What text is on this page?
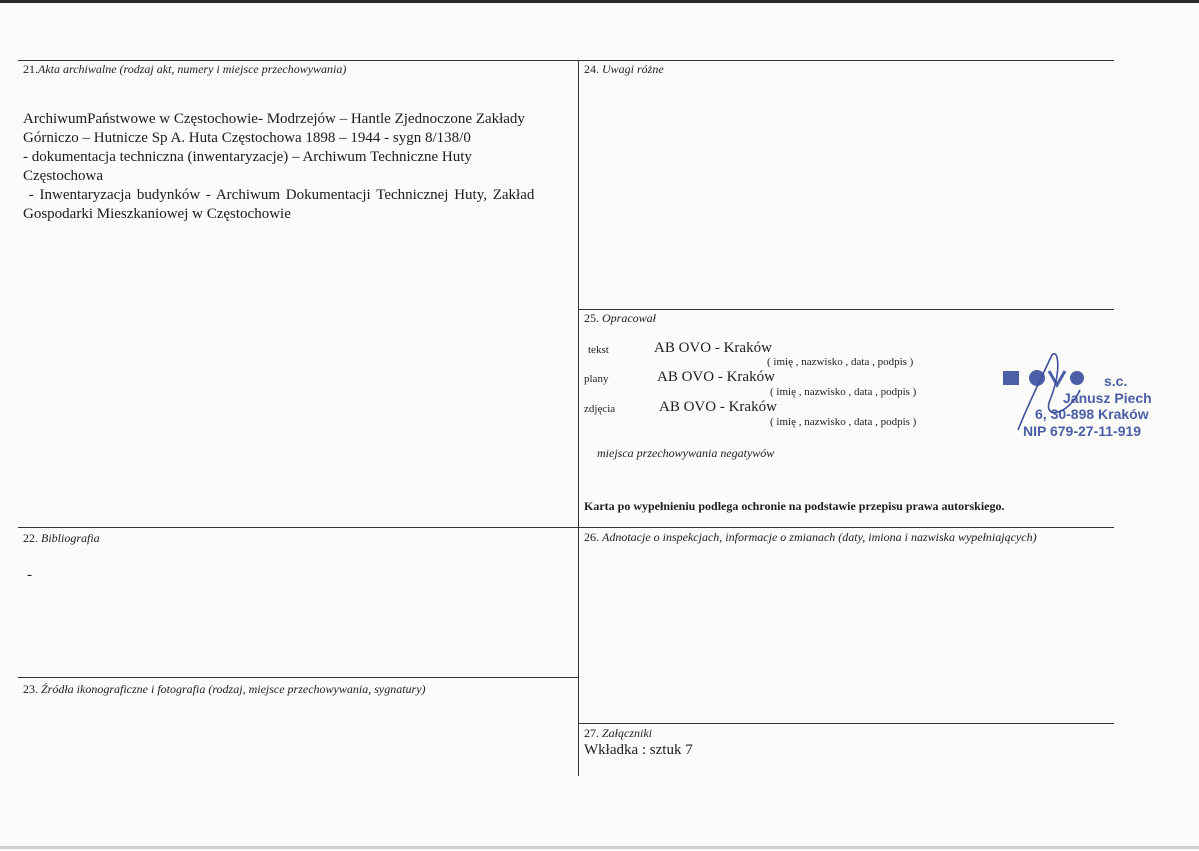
21.Akta archiwalne (rodzaj akt, numery i miejsce przechowywania)

ArchiwumPaństwowe w Częstochowie- Modrzejów – Hantle Zjednoczone Zakłady

Górniczo – Hutnicze Sp A. Huta Częstochowa 1898 – 1944 - sygn 8/138/0

- dokumentacja techniczna (inwentaryzacje) – Archiwum Techniczne Huty

Częstochowa

- Inwentaryzacja budynków - Archiwum Dokumentacji Technicznej Huty, Zakład

Gospodarki Mieszkaniowej w Częstochowie

22. Bibliografia
-
23. Źródła ikonograficzne i fotografia (rodzaj, miejsce przechowywania, sygnatury)
24. Uwagi różne
25. Opracował
tekst	AB OVO - Kraków
( imię , nazwisko , data , podpis )
plany	AB OVO - Kraków
( imię , nazwisko , data , podpis )
zdjęcia	AB OVO - Kraków
( imię , nazwisko , data , podpis )
miejsca przechowywania negatywów
Karta po wypełnieniu podlega ochronie na podstawie przepisu prawa autorskiego.
s.c.
Janusz Piech
6, 30-898 Kraków
NIP 679-27-11-919
26. Adnotacje o inspekcjach, informacje o zmianach (daty, imiona i nazwiska wypełniających)
27. Załączniki
Wkładka : sztuk 7
